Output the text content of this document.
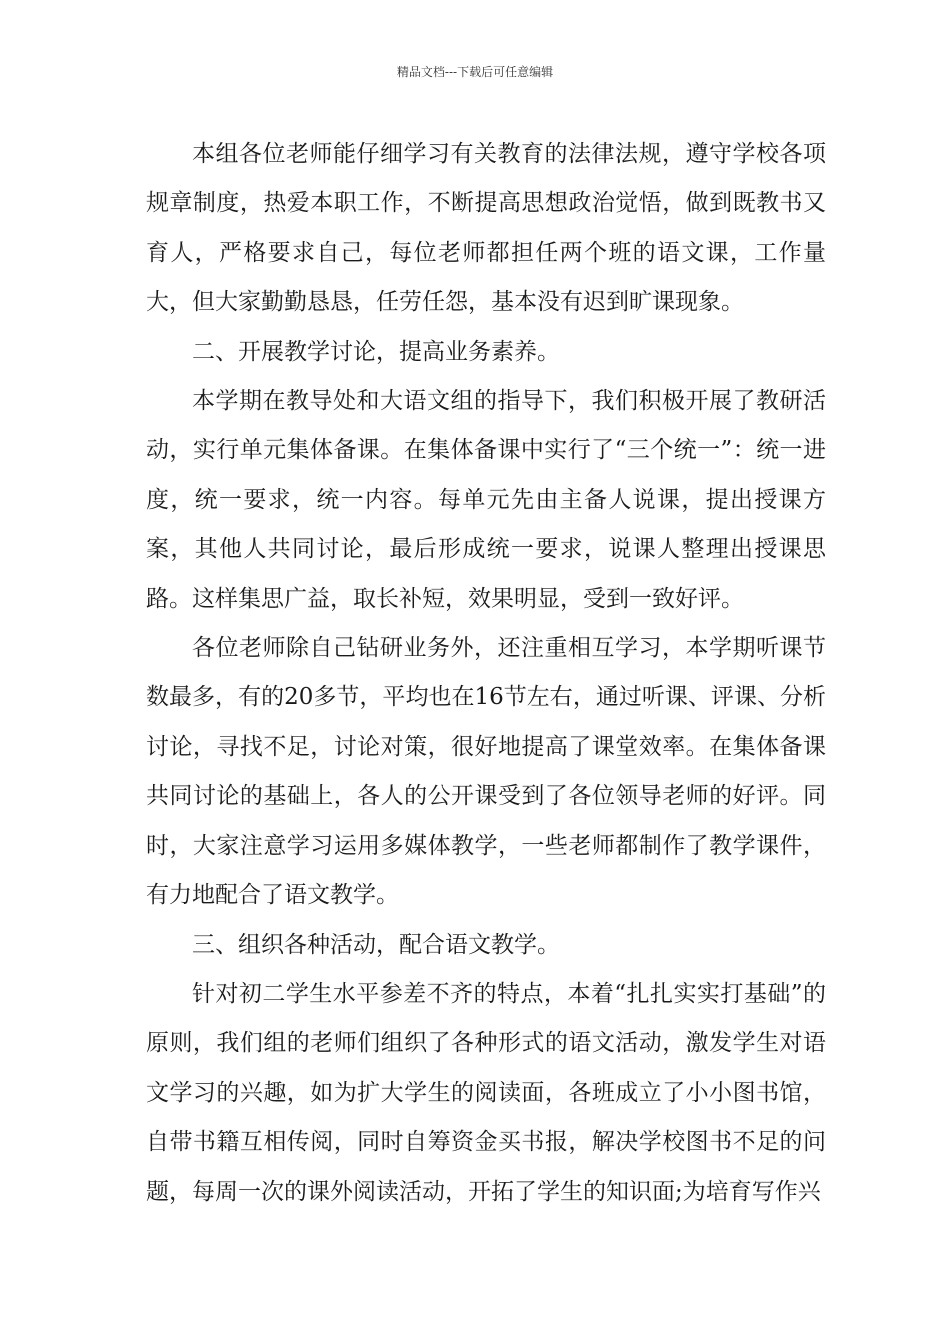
精品文档---下载后可任意编辑

本组各位老师能仔细学习有关教育的法律法规，遵守学校各项规章制度，热爱本职工作，不断提高思想政治觉悟，做到既教书又育人，严格要求自己，每位老师都担任两个班的语文课，工作量大，但大家勤勤恳恳，任劳任怨，基本没有迟到旷课现象。

二、开展教学讨论，提高业务素养。

本学期在教导处和大语文组的指导下，我们积极开展了教研活动，实行单元集体备课。在集体备课中实行了“三个统一”：统一进度，统一要求，统一内容。每单元先由主备人说课，提出授课方案，其他人共同讨论，最后形成统一要求，说课人整理出授课思路。这样集思广益，取长补短，效果明显，受到一致好评。

各位老师除自己钻研业务外，还注重相互学习，本学期听课节数最多，有的20多节，平均也在16节左右，通过听课、评课、分析讨论，寻找不足，讨论对策，很好地提高了课堂效率。在集体备课共同讨论的基础上，各人的公开课受到了各位领导老师的好评。同时，大家注意学习运用多媒体教学，一些老师都制作了教学课件，有力地配合了语文教学。

三、组织各种活动，配合语文教学。

针对初二学生水平参差不齐的特点，本着“扎扎实实打基础”的原则，我们组的老师们组织了各种形式的语文活动，激发学生对语文学习的兴趣，如为扩大学生的阅读面，各班成立了小小图书馆，自带书籍互相传阅，同时自筹资金买书报，解决学校图书不足的问题，每周一次的课外阅读活动，开拓了学生的知识面;为培育写作兴
